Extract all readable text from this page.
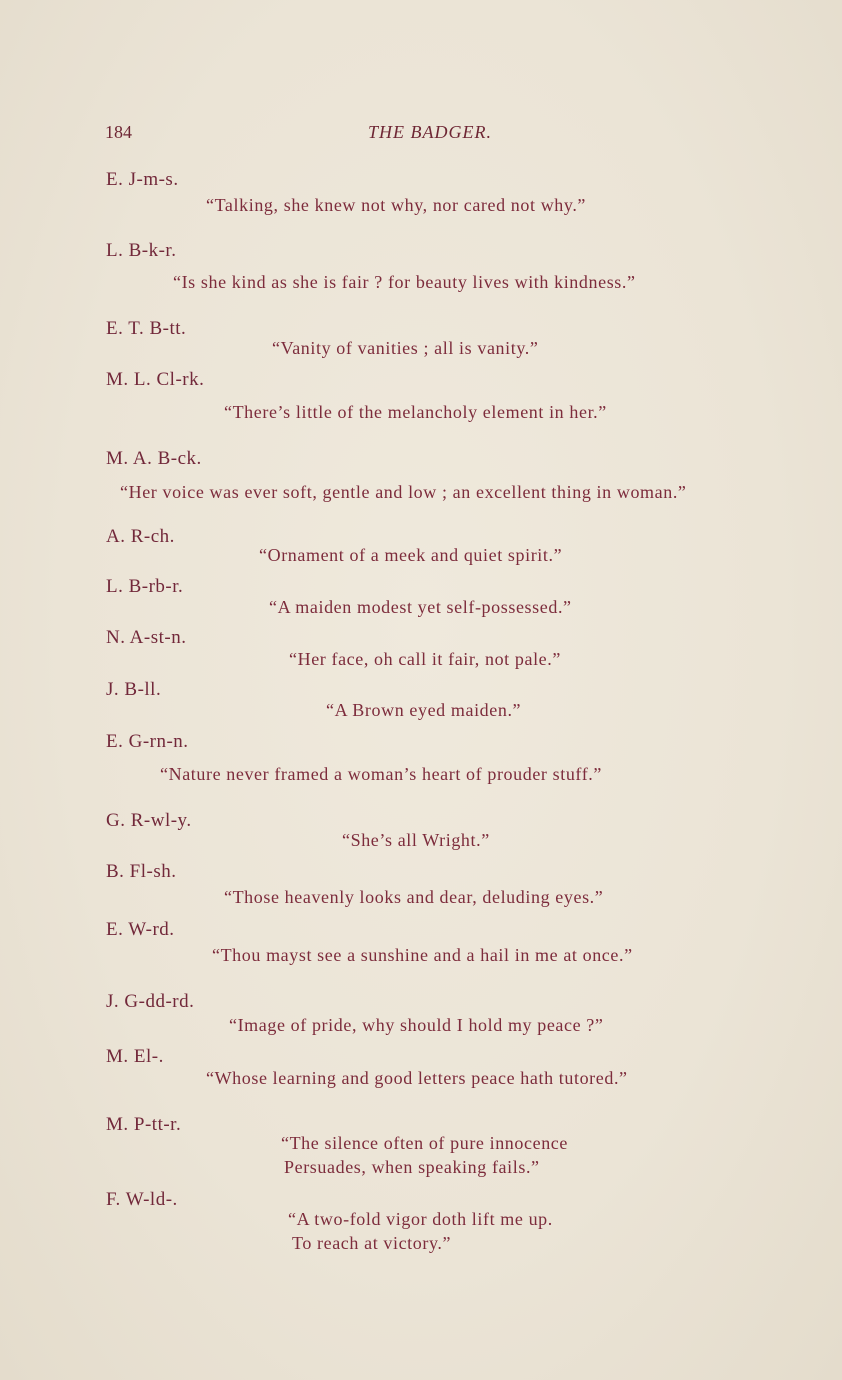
184	THE BADGER.
E. J-m-s.
“Talking, she knew not why, nor cared not why.”
L. B-k-r.
“Is she kind as she is fair ? for beauty lives with kindness.”
E. T. B-tt.
“Vanity of vanities ; all is vanity.”
M. L. Cl-rk.
“There’s little of the melancholy element in her.”
M. A. B-ck.
“Her voice was ever soft, gentle and low ; an excellent thing in woman.”
A. R-ch.
“Ornament of a meek and quiet spirit.”
L. B-rb-r.
“A maiden modest yet self-possessed.”
N. A-st-n.
“Her face, oh call it fair, not pale.”
J. B-ll.
“A Brown eyed maiden.”
E. G-rn-n.
“Nature never framed a woman’s heart of prouder stuff.”
G. R-wl-y.
“She’s all Wright.”
B. Fl-sh.
“Those heavenly looks and dear, deluding eyes.”
E. W-rd.
“Thou mayst see a sunshine and a hail in me at once.”
J. G-dd-rd.
“Image of pride, why should I hold my peace ?”
M. El-.
“Whose learning and good letters peace hath tutored.”
M. P-tt-r.
“The silence often of pure innocence
Persuades, when speaking fails.”
F. W-ld-.
“A two-fold vigor doth lift me up.
To reach at victory.”
